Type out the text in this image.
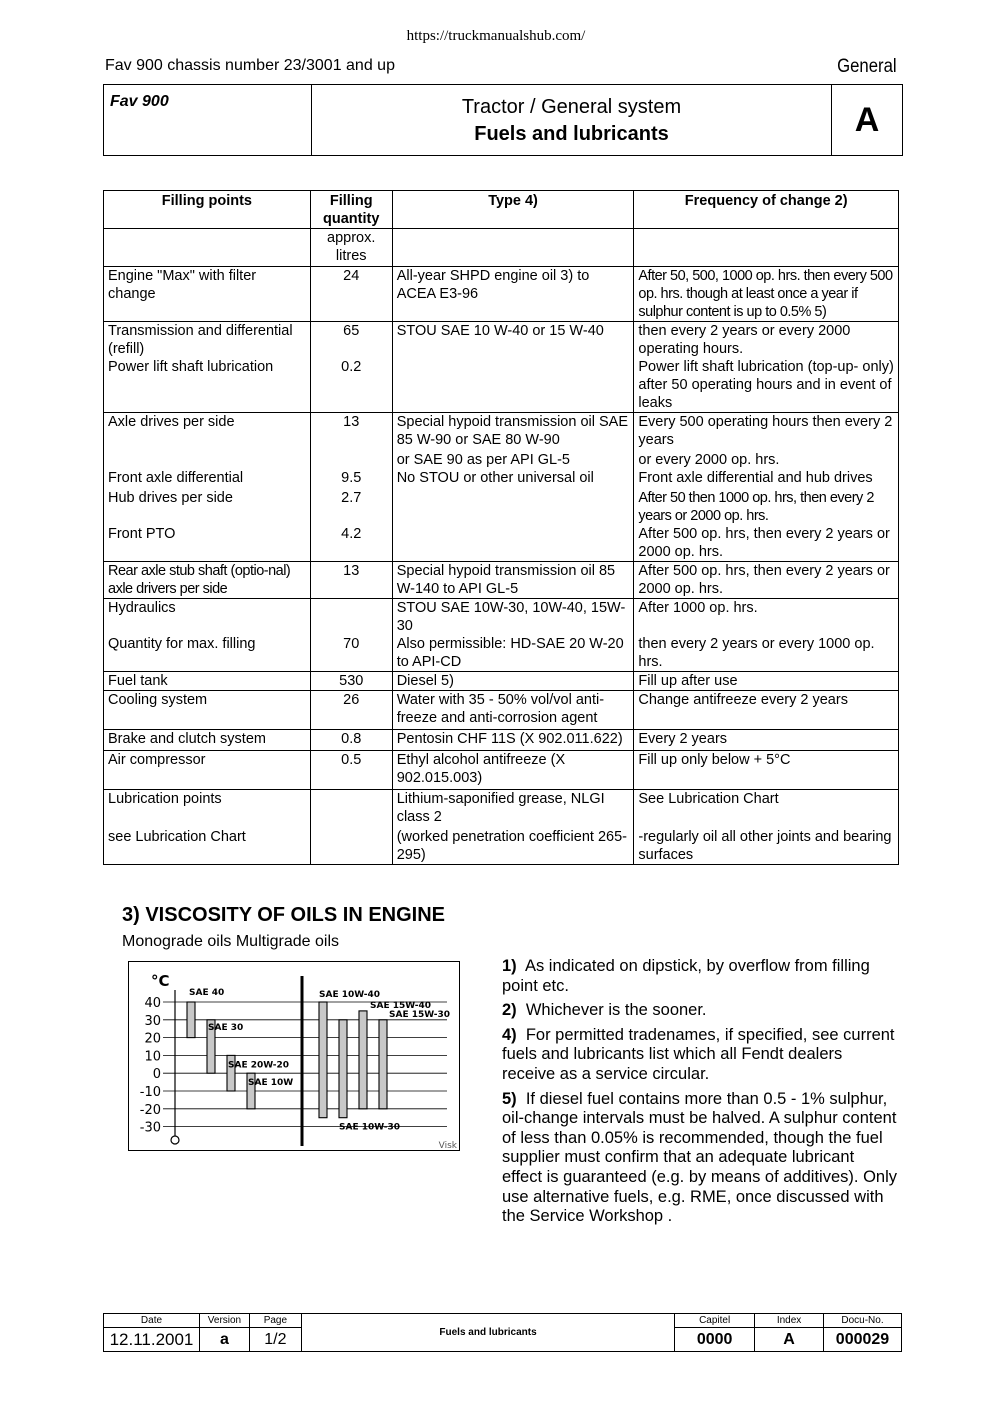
https://truckmanualshub.com/
Fav 900 chassis number 23/3001 and up	General
Fav 900	Tractor / General system
Fuels and lubricants	A
Filling points	Filling quantity	Type 4)	Frequency of change 2)
	approx. litres		
Engine "Max" with filter change	24	All-year SHPD engine oil 3) to ACEA E3-96	After 50, 500, 1000 op. hrs. then every 500 op. hrs. though at least once a year if sulphur content is up to 0.5% 5)
Transmission and differential (refill)	65	STOU SAE 10 W-40 or 15 W-40	then every 2 years or every 2000 operating hours.
Power lift shaft lubrication	0.2		Power lift shaft lubrication (top-up- only) after 50 operating hours and in event of leaks
Axle drives per side	13	Special hypoid transmission oil SAE 85 W-90 or SAE 80 W-90	Every 500 operating hours then every 2 years
		or SAE 90 as per API GL-5	or every 2000 op. hrs.
Front axle differential	9.5	No STOU or other universal oil	Front axle differential and hub drives
Hub drives per side	2.7		After 50 then 1000 op. hrs, then every 2 years or 2000 op. hrs.
Front PTO	4.2		After 500 op. hrs, then every 2 years or 2000 op. hrs.
Rear axle stub shaft (optio-nal) axle drivers per side	13	Special hypoid transmission oil 85 W-140 to API GL-5	After 500 op. hrs, then every 2 years or 2000 op. hrs.
Hydraulics		STOU SAE 10W-30, 10W-40, 15W-30	After 1000 op. hrs.
Quantity for max. filling	70	Also permissible: HD-SAE 20 W-20 to API-CD	then every 2 years or every 1000 op. hrs.
Fuel tank	530	Diesel 5)	Fill up after use
Cooling system	26	Water with 35 - 50% vol/vol anti-freeze and anti-corrosion agent	Change antifreeze every 2 years
Brake and clutch system	0.8	Pentosin CHF 11S (X 902.011.622)	Every 2 years
Air compressor	0.5	Ethyl alcohol antifreeze (X 902.015.003)	Fill up only below + 5°C
Lubrication points		Lithium-saponified grease, NLGI class 2	See Lubrication Chart
see Lubrication Chart		(worked penetration coefficient 265-295)	-regularly oil all other joints and bearing surfaces
3) VISCOSITY OF OILS IN ENGINE
Monograde oils Multigrade oils
°C
40
30
20
10
0
-10
-20
-30
SAE 40
SAE 30
SAE 20W-20
SAE 10W
SAE 10W-40
SAE 10W-30
SAE 15W-40
SAE 15W-30
Visk

1) As indicated on dipstick, by overflow from filling point etc.

2) Whichever is the sooner.

4) For permitted tradenames, if specified, see current fuels and lubricants list which all Fendt dealers receive as a service circular.

5) If diesel fuel contains more than 0.5 - 1% sulphur, oil-change intervals must be halved. A sulphur content of less than 0.05% is recommended, though the fuel supplier must confirm that an adequate lubricant effect is guaranteed (e.g. by means of additives). Only use alternative fuels, e.g. RME, once discussed with the Service Workshop .

Date	Version	Page	Fuels and lubricants	Capitel	Index	Docu-No.
12.11.2001	a	1/2		0000	A	000029
